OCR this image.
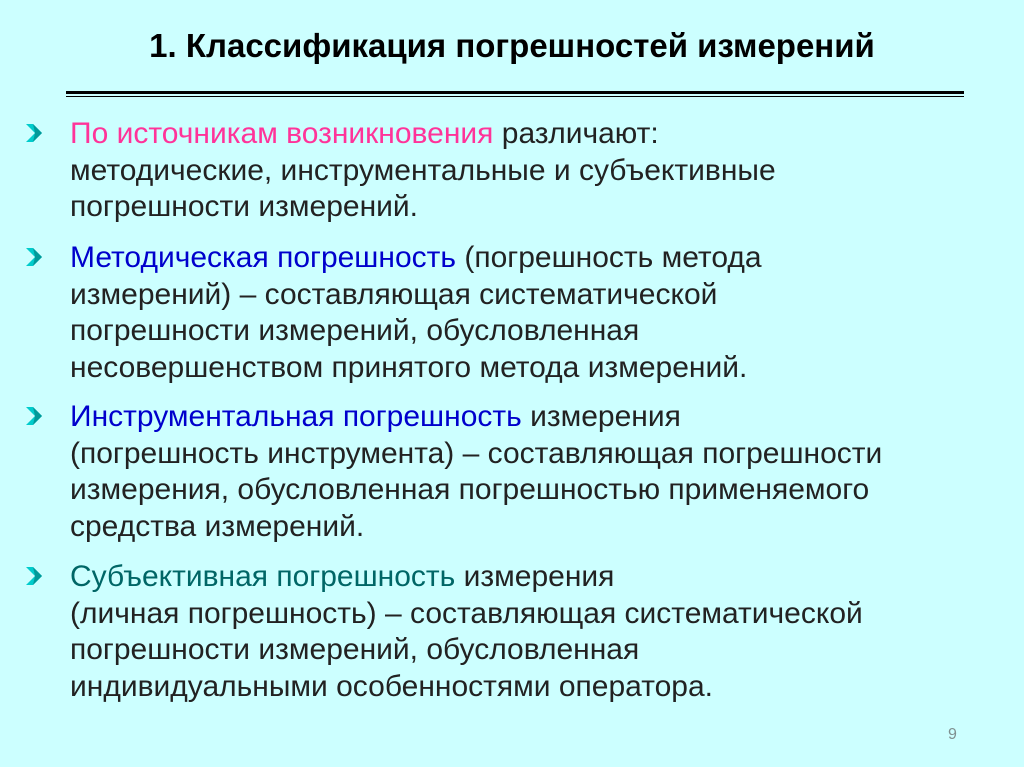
1. Классификация погрешностей измерений
По источникам возникновения различают:
методические, инструментальные и субъективные
погрешности измерений.
Методическая погрешность (погрешность метода
измерений) – составляющая систематической
погрешности измерений, обусловленная
несовершенством принятого метода измерений.
Инструментальная погрешность измерения
(погрешность инструмента) – составляющая погрешности
измерения, обусловленная погрешностью применяемого
средства измерений.
Субъективная погрешность измерения
(личная погрешность) – составляющая систематической
погрешности измерений, обусловленная
индивидуальными особенностями оператора.
9
